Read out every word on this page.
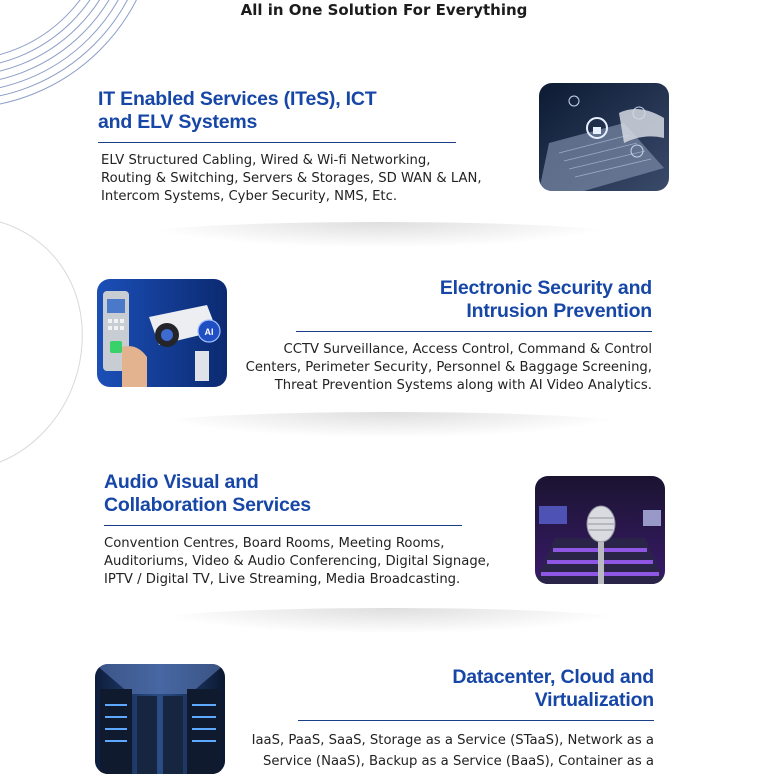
All in One Solution For Everything
IT Enabled Services (ITeS), ICT
and ELV Systems
ELV Structured Cabling, Wired & Wi-fi Networking,
Routing & Switching, Servers & Storages, SD WAN & LAN,
Intercom Systems, Cyber Security, NMS, Etc.
AI
Electronic Security and
Intrusion Prevention
CCTV Surveillance, Access Control, Command & Control
Centers, Perimeter Security, Personnel & Baggage Screening,
Threat Prevention Systems along with AI Video Analytics.
Audio Visual and
Collaboration Services
Convention Centres, Board Rooms, Meeting Rooms,
Auditoriums, Video & Audio Conferencing, Digital Signage,
IPTV / Digital TV, Live Streaming, Media Broadcasting.
Datacenter, Cloud and
Virtualization
IaaS, PaaS, SaaS, Storage as a Service (STaaS), Network as a
Service (NaaS), Backup as a Service (BaaS), Container as a
